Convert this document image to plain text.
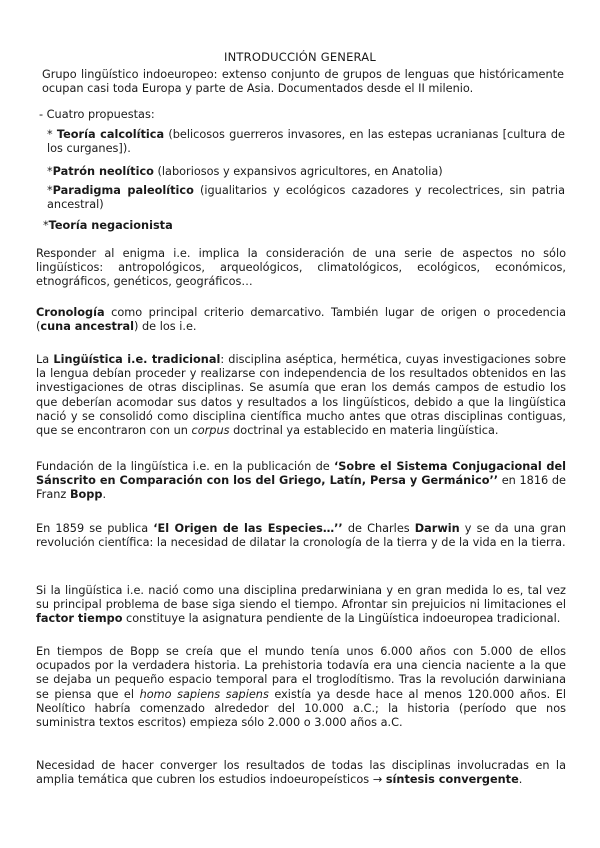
INTRODUCCIÓN GENERAL
Grupo lingüístico indoeuropeo: extenso conjunto de grupos de lenguas que históricamente ocupan casi toda Europa y parte de Asia. Documentados desde el II milenio.
- Cuatro propuestas:
* Teoría calcolítica (belicosos guerreros invasores, en las estepas ucranianas [cultura de los curganes]).
*Patrón neolítico (laboriosos y expansivos agricultores, en Anatolia)
*Paradigma paleolítico (igualitarios y ecológicos cazadores y recolectrices, sin patria ancestral)
*Teoría negacionista
Responder al enigma i.e. implica la consideración de una serie de aspectos no sólo lingüísticos: antropológicos, arqueológicos, climatológicos, ecológicos, económicos, etnográficos, genéticos, geográficos…
Cronología como principal criterio demarcativo. También lugar de origen o procedencia (cuna ancestral) de los i.e.
La Lingüística i.e. tradicional: disciplina aséptica, hermética, cuyas investigaciones sobre la lengua debían proceder y realizarse con independencia de los resultados obtenidos en las investigaciones de otras disciplinas. Se asumía que eran los demás campos de estudio los que deberían acomodar sus datos y resultados a los lingüísticos, debido a que la lingüística nació y se consolidó como disciplina científica mucho antes que otras disciplinas contiguas, que se encontraron con un corpus doctrinal ya establecido en materia lingüística.
Fundación de la lingüística i.e. en la publicación de ‘Sobre el Sistema Conjugacional del Sánscrito en Comparación con los del Griego, Latín, Persa y Germánico’’ en 1816 de Franz Bopp.
En 1859 se publica ‘El Origen de las Especies…’’ de Charles Darwin y se da una gran revolución científica: la necesidad de dilatar la cronología de la tierra y de la vida en la tierra.
Si la lingüística i.e. nació como una disciplina predarwiniana y en gran medida lo es, tal vez su principal problema de base siga siendo el tiempo. Afrontar sin prejuicios ni limitaciones el factor tiempo constituye la asignatura pendiente de la Lingüística indoeuropea tradicional.
En tiempos de Bopp se creía que el mundo tenía unos 6.000 años con 5.000 de ellos ocupados por la verdadera historia. La prehistoria todavía era una ciencia naciente a la que se dejaba un pequeño espacio temporal para el troglodítismo. Tras la revolución darwiniana se piensa que el homo sapiens sapiens existía ya desde hace al menos 120.000 años. El Neolítico habría comenzado alrededor del 10.000 a.C.; la historia (período que nos suministra textos escritos) empieza sólo 2.000 o 3.000 años a.C.
Necesidad de hacer converger los resultados de todas las disciplinas involucradas en la amplia temática que cubren los estudios indoeuropeísticos → síntesis convergente.
